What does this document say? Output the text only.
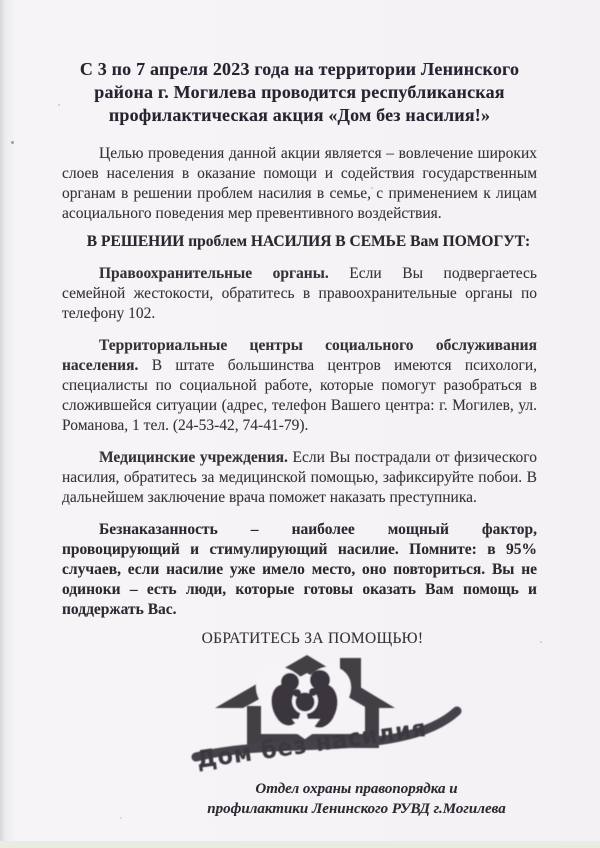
С 3 по 7 апреля 2023 года на территории Ленинского
района г. Могилева проводится республиканская
профилактическая акция «Дом без насилия!»

Целью проведения данной акции является – вовлечение широких слоев населения в оказание помощи и содействия государственным органам в решении проблем насилия в семье, с применением к лицам асоциального поведения мер превентивного воздействия.

В РЕШЕНИИ проблем НАСИЛИЯ В СЕМЬЕ Вам ПОМОГУТ:

Правоохранительные органы. Если Вы подвергаетесь семейной жестокости, обратитесь в правоохранительные органы по телефону 102.

Территориальные центры социального обслуживания населения. В штате большинства центров имеются психологи, специалисты по социальной работе, которые помогут разобраться в сложившейся ситуации (адрес, телефон Вашего центра: г. Могилев, ул. Романова, 1 тел. (24-53-42, 74-41-79).

Медицинские учреждения. Если Вы пострадали от физического насилия, обратитесь за медицинской помощью, зафиксируйте побои. В дальнейшем заключение врача поможет наказать преступника.

Безнаказанность – наиболее мощный фактор, провоцирующий и стимулирующий насилие. Помните: в 95% случаев, если насилие уже имело место, оно повториться. Вы не одиноки – есть люди, которые готовы оказать Вам помощь и поддержать Вас.

ОБРАТИТЕСЬ ЗА ПОМОЩЬЮ!

Дом без насилия
Отдел охраны правопорядка и
профилактики Ленинского РУВД г.Могилева
